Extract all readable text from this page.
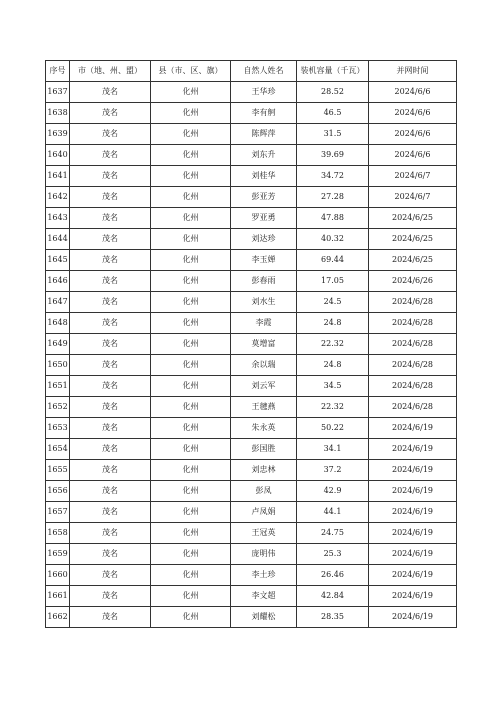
序号	市（地、州、盟）	县（市、区、旗）	自然人姓名	装机容量（千瓦）	并网时间
1637	茂名	化州	王华珍	28.52	2024/6/6
1638	茂名	化州	李有舸	46.5	2024/6/6
1639	茂名	化州	陈辉萍	31.5	2024/6/6
1640	茂名	化州	刘东升	39.69	2024/6/6
1641	茂名	化州	刘桂华	34.72	2024/6/7
1642	茂名	化州	彭亚芳	27.28	2024/6/7
1643	茂名	化州	罗亚勇	47.88	2024/6/25
1644	茂名	化州	刘达珍	40.32	2024/6/25
1645	茂名	化州	李玉婵	69.44	2024/6/25
1646	茂名	化州	彭春雨	17.05	2024/6/26
1647	茂名	化州	刘水生	24.5	2024/6/28
1648	茂名	化州	李霞	24.8	2024/6/28
1649	茂名	化州	莫增富	22.32	2024/6/28
1650	茂名	化州	余以瑞	24.8	2024/6/28
1651	茂名	化州	刘云军	34.5	2024/6/28
1652	茂名	化州	王毽燕	22.32	2024/6/28
1653	茂名	化州	朱永英	50.22	2024/6/19
1654	茂名	化州	彭国胜	34.1	2024/6/19
1655	茂名	化州	刘忠林	37.2	2024/6/19
1656	茂名	化州	彭凤	42.9	2024/6/19
1657	茂名	化州	卢凤娟	44.1	2024/6/19
1658	茂名	化州	王冠英	24.75	2024/6/19
1659	茂名	化州	庞明伟	25.3	2024/6/19
1660	茂名	化州	李土珍	26.46	2024/6/19
1661	茂名	化州	李文超	42.84	2024/6/19
1662	茂名	化州	刘耀松	28.35	2024/6/19
